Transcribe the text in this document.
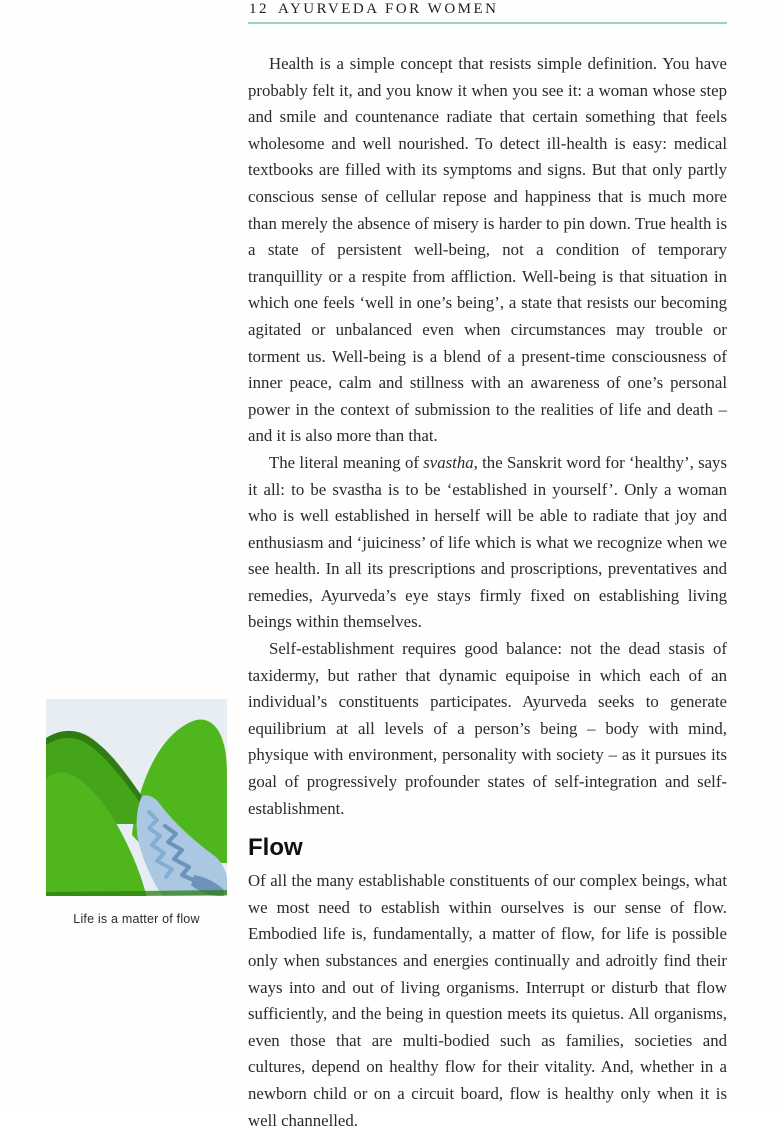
12 AYURVEDA FOR WOMEN

Health is a simple concept that resists simple definition. You have probably felt it, and you know it when you see it: a woman whose step and smile and countenance radiate that certain something that feels wholesome and well nourished. To detect ill-health is easy: medical textbooks are filled with its symptoms and signs. But that only partly conscious sense of cellular repose and happiness that is much more than merely the absence of misery is harder to pin down. True health is a state of persistent well-being, not a condition of temporary tranquillity or a respite from affliction. Well-being is that situation in which one feels ‘well in one’s being’, a state that resists our becoming agitated or unbalanced even when circumstances may trouble or torment us. Well-being is a blend of a present-time consciousness of inner peace, calm and stillness with an awareness of one’s personal power in the context of submission to the realities of life and death – and it is also more than that.

The literal meaning of svastha, the Sanskrit word for ‘healthy’, says it all: to be svastha is to be ‘established in yourself’. Only a woman who is well established in herself will be able to radiate that joy and enthusiasm and ‘juiciness’ of life which is what we recognize when we see health. In all its prescriptions and proscriptions, preventatives and remedies, Ayurveda’s eye stays firmly fixed on establishing living beings within themselves.

Self-establishment requires good balance: not the dead stasis of taxidermy, but rather that dynamic equipoise in which each of an individual’s constituents participates. Ayurveda seeks to generate equilibrium at all levels of a person’s being – body with mind, physique with environment, personality with society – as it pursues its goal of progressively profounder states of self-integration and self-establishment.

Flow

Of all the many establishable constituents of our complex beings, what we most need to establish within ourselves is our sense of flow. Embodied life is, fundamentally, a matter of flow, for life is possible only when substances and energies continually and adroitly find their ways into and out of living organisms. Interrupt or disturb that flow sufficiently, and the being in question meets its quietus. All organisms, even those that are multi-bodied such as families, societies and cultures, depend on healthy flow for their vitality. And, whether in a newborn child or on a circuit board, flow is healthy only when it is well channelled.

Life is a matter of flow
